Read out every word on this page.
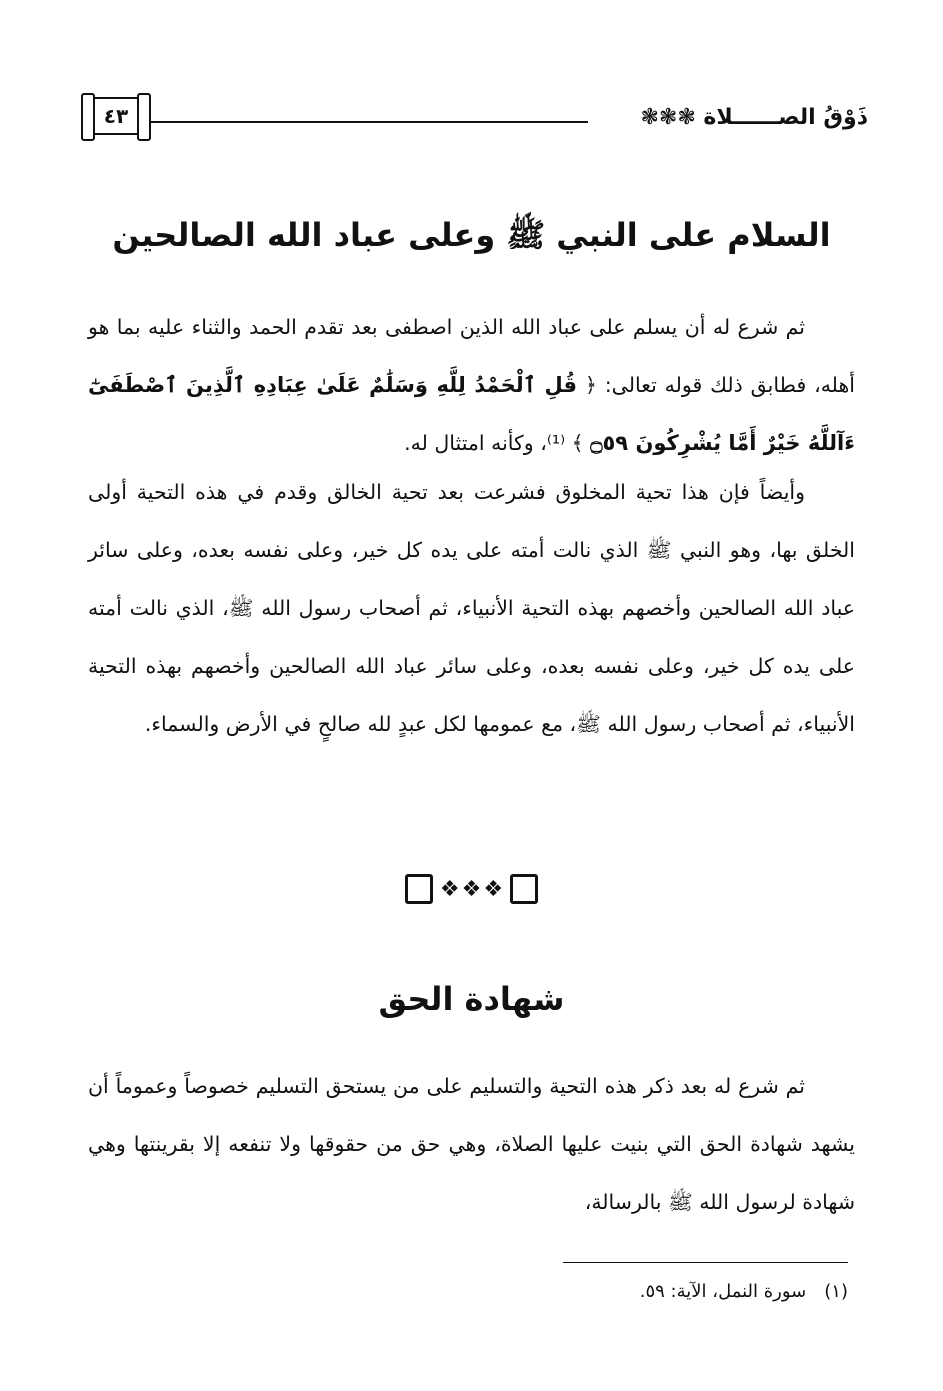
ذَوْقُ الصــــــلاة ❃❃❃
٤٣
السلام على النبي ﷺ وعلى عباد الله الصالحين
ثم شرع له أن يسلم على عباد الله الذين اصطفى بعد تقدم الحمد والثناء عليه بما هو أهله، فطابق ذلك قوله تعالى: ﴿ قُلِ ٱلْحَمْدُ لِلَّهِ وَسَلَٰمٌ عَلَىٰ عِبَادِهِ ٱلَّذِينَ ٱصْطَفَىٰٓ ءَآللَّهُ خَيْرٌ أَمَّا يُشْرِكُونَ ۝٥٩ ﴾ ⁽¹⁾، وكأنه امتثال له.
وأيضاً فإن هذا تحية المخلوق فشرعت بعد تحية الخالق وقدم في هذه التحية أولى الخلق بها، وهو النبي ﷺ الذي نالت أمته على يده كل خير، وعلى نفسه بعده، وعلى سائر عباد الله الصالحين وأخصهم بهذه التحية الأنبياء، ثم أصحاب رسول الله ﷺ، الذي نالت أمته على يده كل خير، وعلى نفسه بعده، وعلى سائر عباد الله الصالحين وأخصهم بهذه التحية الأنبياء، ثم أصحاب رسول الله ﷺ، مع عمومها لكل عبدٍ لله صالحٍ في الأرض والسماء.
❖❖❖
شهادة الحق
ثم شرع له بعد ذكر هذه التحية والتسليم على من يستحق التسليم خصوصاً وعموماً أن يشهد شهادة الحق التي بنيت عليها الصلاة، وهي حق من حقوقها ولا تنفعه إلا بقرينتها وهي شهادة لرسول الله ﷺ بالرسالة،
(١)سورة النمل، الآية: ٥٩.
